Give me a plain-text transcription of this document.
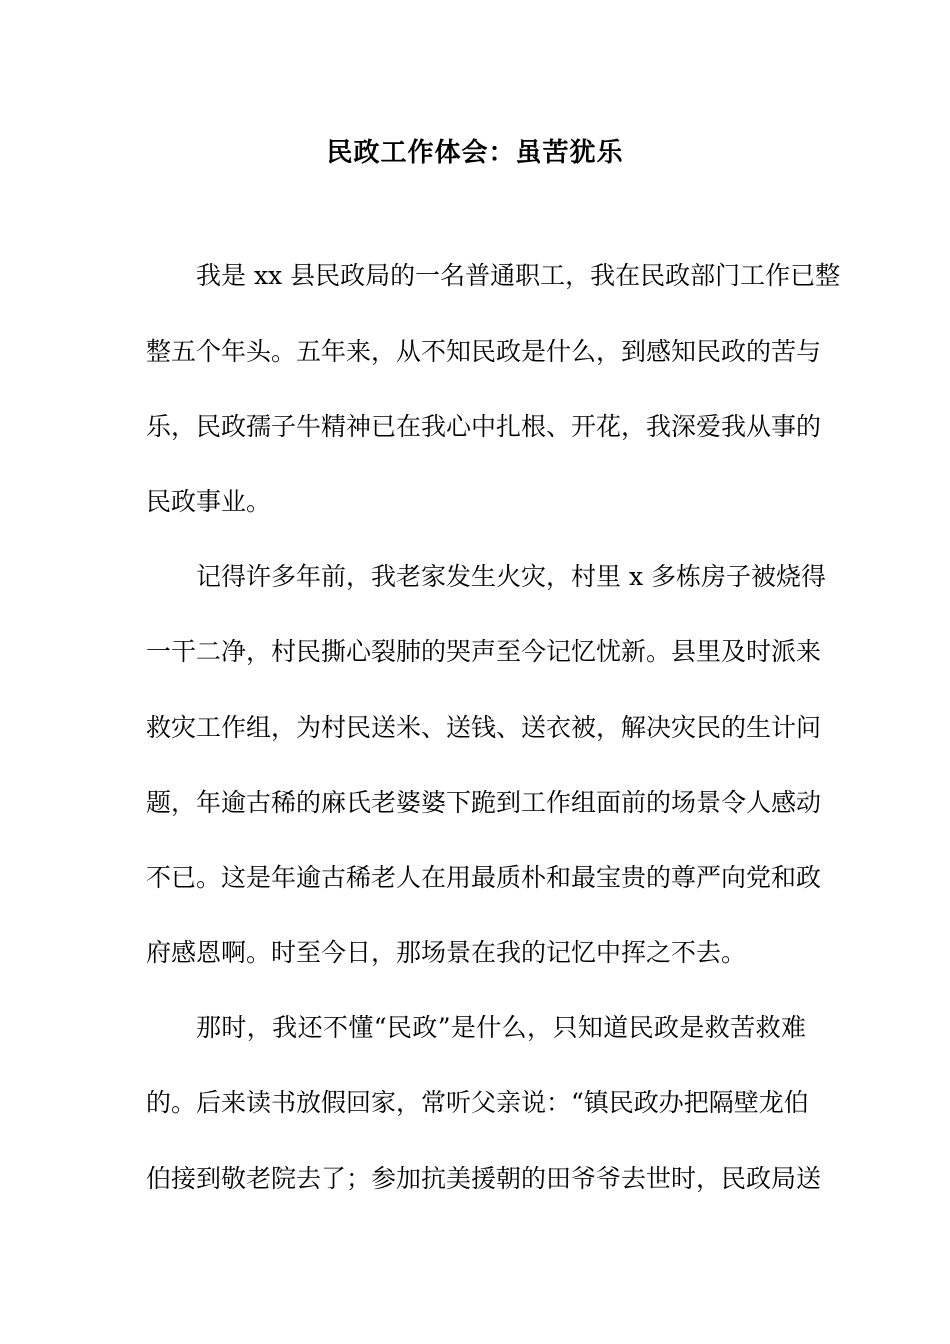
民政工作体会：虽苦犹乐
我是 xx 县民政局的一名普通职工，我在民政部门工作已整
整五个年头。五年来，从不知民政是什么，到感知民政的苦与
乐，民政孺子牛精神已在我心中扎根、开花，我深爱我从事的
民政事业。
记得许多年前，我老家发生火灾，村里 x 多栋房子被烧得
一干二净，村民撕心裂肺的哭声至今记忆忧新。县里及时派来
救灾工作组，为村民送米、送钱、送衣被，解决灾民的生计问
题，年逾古稀的麻氏老婆婆下跪到工作组面前的场景令人感动
不已。这是年逾古稀老人在用最质朴和最宝贵的尊严向党和政
府感恩啊。时至今日，那场景在我的记忆中挥之不去。
那时，我还不懂“民政”是什么，只知道民政是救苦救难
的。后来读书放假回家，常听父亲说：“镇民政办把隔壁龙伯
伯接到敬老院去了；参加抗美援朝的田爷爷去世时，民政局送
